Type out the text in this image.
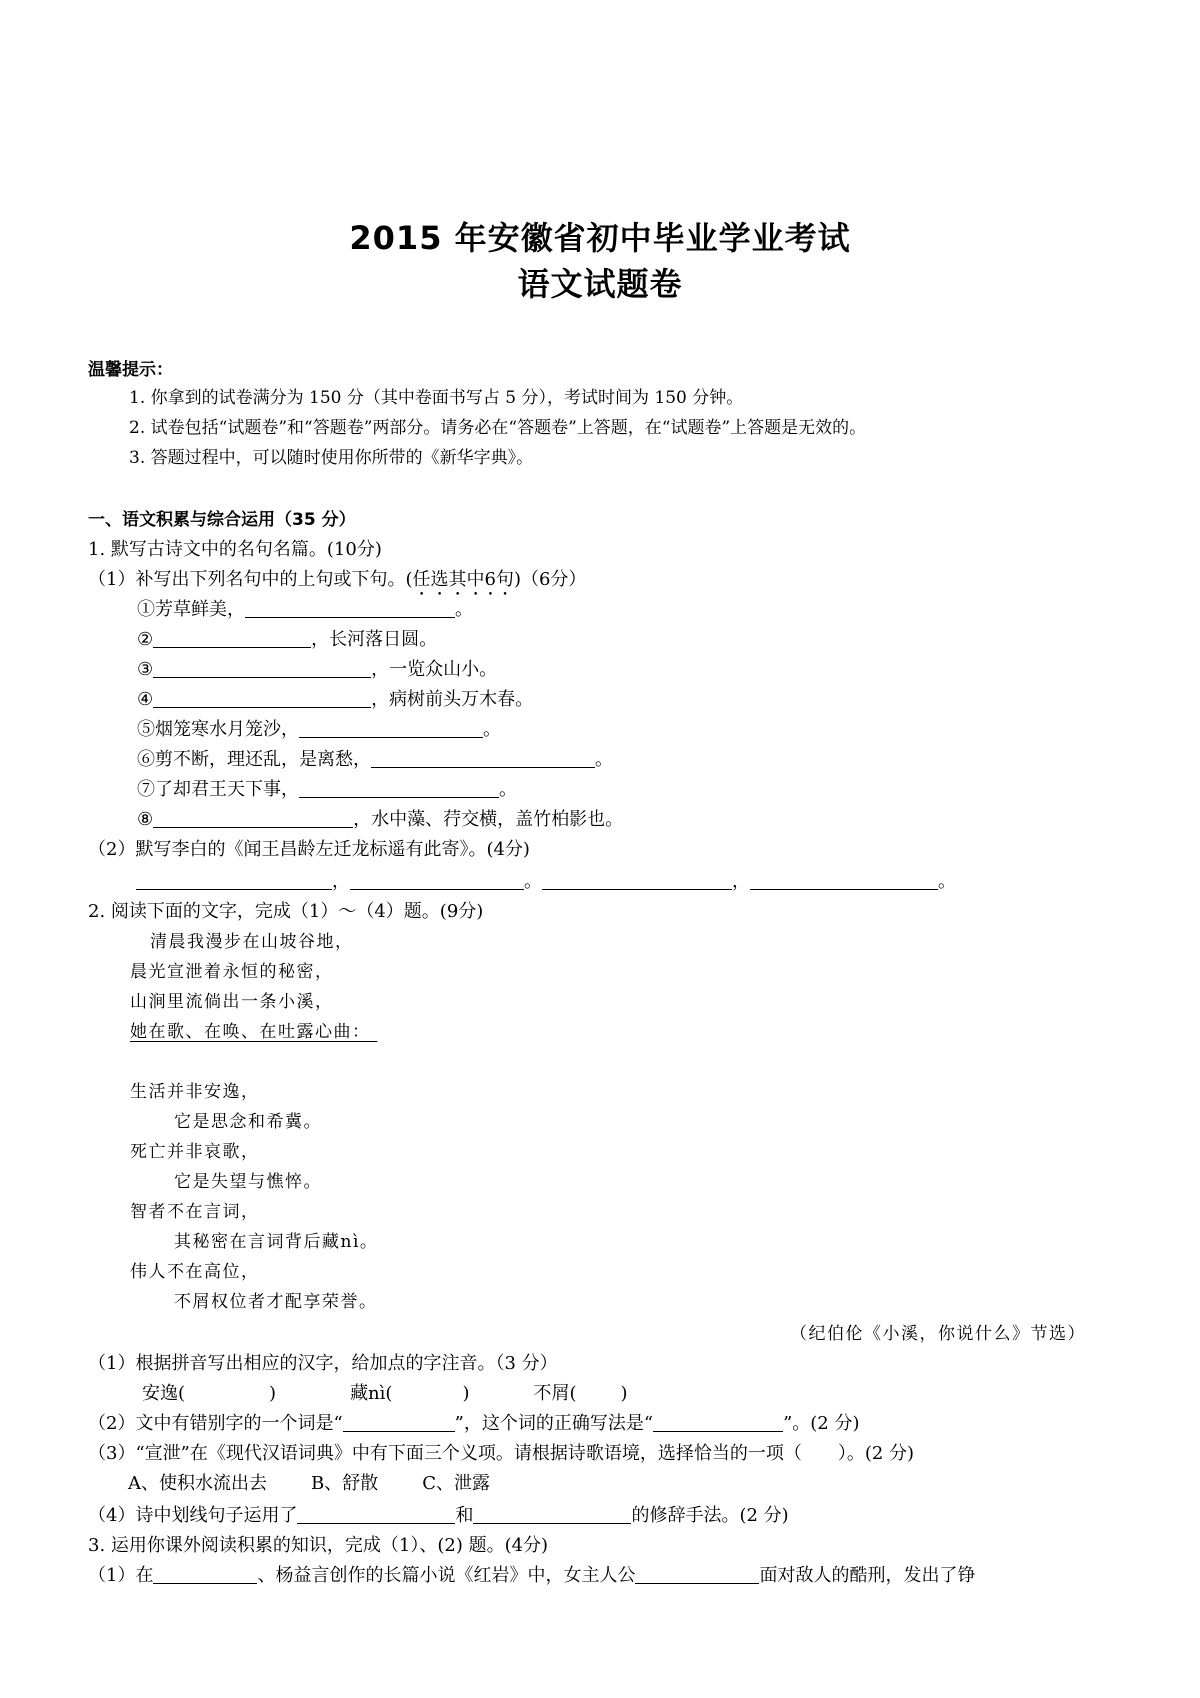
2015 年安徽省初中毕业学业考试
语文试题卷
温馨提示：
1. 你拿到的试卷满分为 150 分（其中卷面书写占 5 分），考试时间为 150 分钟。
2. 试卷包括“试题卷”和“答题卷”两部分。请务必在“答题卷”上答题，在“试题卷”上答题是无效的。
3. 答题过程中，可以随时使用你所带的《新华字典》。
一、语文积累与综合运用（35 分）
1. 默写古诗文中的名句名篇。(10分)
（1）补写出下列名句中的上句或下句。(任选其中6句)（6分）
①芳草鲜美，	。
②	，长河落日圆。
③	，一览众山小。
④	，病树前头万木春。
⑤烟笼寒水月笼沙，	。
⑥剪不断，理还乱，是离愁，	。
⑦了却君王天下事，	。
⑧	，水中藻、荇交横，盖竹柏影也。
（2）默写李白的《闻王昌龄左迁龙标遥有此寄》。(4分)
，	。	，	。
2. 阅读下面的文字，完成（1）～（4）题。(9分)
清晨我漫步在山坡谷地，
晨光宣泄着永恒的秘密，
山涧里流倘出一条小溪，
她在歌、在唤、在吐露心曲：
生活并非安逸，
它是思念和希冀。
死亡并非哀歌，
它是失望与憔悴。
智者不在言词，
其秘密在言词背后藏nì。
伟人不在高位，
不屑权位者才配享荣誉。
（纪伯伦《小溪，你说什么》节选）
（1）根据拼音写出相应的汉字，给加点的字注音。（3 分）
安逸(	)	藏nì(	)	不屑( )
（2）文中有错别字的一个词是“	”，这个词的正确写法是“	”。(2 分)
（3）“宣泄”在《现代汉语词典》中有下面三个义项。请根据诗歌语境，选择恰当的一项（　　）。(2 分)
A、使积水流出去 B、舒散 C、泄露
（4）诗中划线句子运用了	和	的修辞手法。(2 分)
3. 运用你课外阅读积累的知识，完成（1）、(2) 题。(4分)
（1）在	、杨益言创作的长篇小说《红岩》中，女主人公	面对敌人的酷刑，发出了铮
